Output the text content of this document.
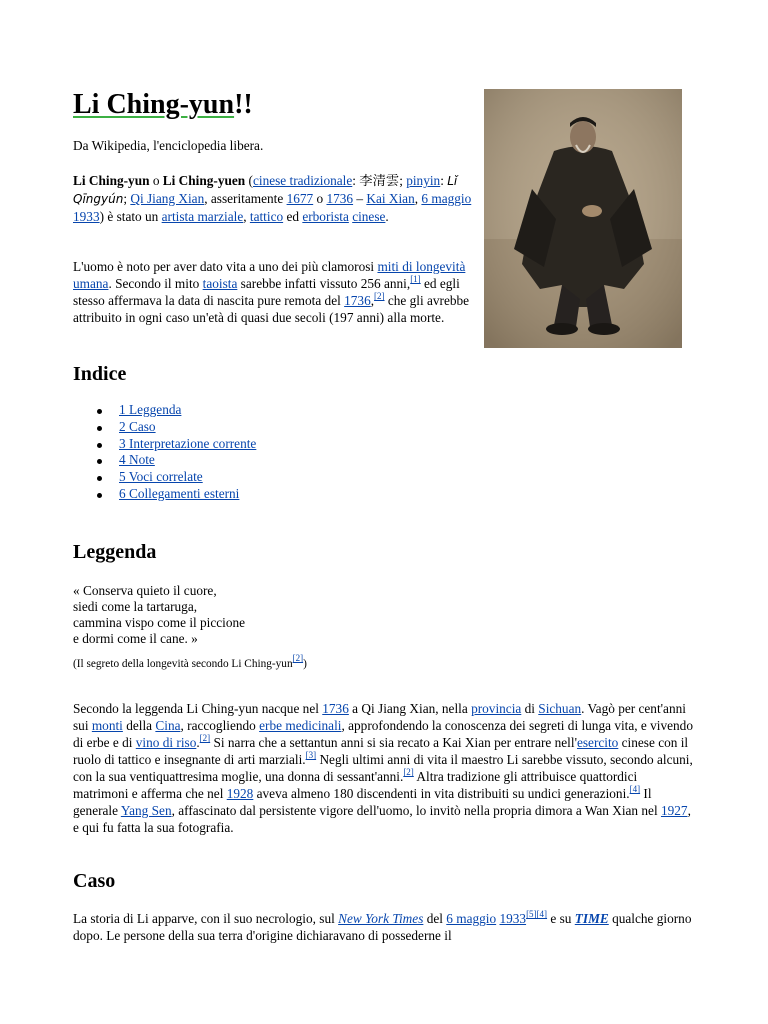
Li Ching-yun!!

Da Wikipedia, l'enciclopedia libera.

Li Ching-yun o Li Ching-yuen (cinese tradizionale: 李清雲; pinyin: Lǐ Qīngyún; Qi Jiang Xian, asseritamente 1677 o 1736 – Kai Xian, 6 maggio 1933) è stato un artista marziale, tattico ed erborista cinese.

L'uomo è noto per aver dato vita a uno dei più clamorosi miti di longevità umana. Secondo il mito taoista sarebbe infatti vissuto 256 anni,[1] ed egli stesso affermava la data di nascita pure remota del 1736,[2] che gli avrebbe attribuito in ogni caso un'età di quasi due secoli (197 anni) alla morte.

Indice
1 Leggenda
2 Caso
3 Interpretazione corrente
4 Note
5 Voci correlate
6 Collegamenti esterni
Leggenda
« Conserva quieto il cuore,
siedi come la tartaruga,
cammina vispo come il piccione
e dormi come il cane. »
(Il segreto della longevità secondo Li Ching-yun[2])

Secondo la leggenda Li Ching-yun nacque nel 1736 a Qi Jiang Xian, nella provincia di Sichuan. Vagò per cent'anni sui monti della Cina, raccogliendo erbe medicinali, approfondendo la conoscenza dei segreti di lunga vita, e vivendo di erbe e di vino di riso.[2] Si narra che a settantun anni si sia recato a Kai Xian per entrare nell'esercito cinese con il ruolo di tattico e insegnante di arti marziali.[3] Negli ultimi anni di vita il maestro Li sarebbe vissuto, secondo alcuni, con la sua ventiquattresima moglie, una donna di sessant'anni.[2] Altra tradizione gli attribuisce quattordici matrimoni e afferma che nel 1928 aveva almeno 180 discendenti in vita distribuiti su undici generazioni.[4] Il generale Yang Sen, affascinato dal persistente vigore dell'uomo, lo invitò nella propria dimora a Wan Xian nel 1927, e qui fu fatta la sua fotografia.

Caso

La storia di Li apparve, con il suo necrologio, sul New York Times del 6 maggio 1933[5][4] e su TIME qualche giorno dopo. Le persone della sua terra d'origine dichiaravano di possederne il
